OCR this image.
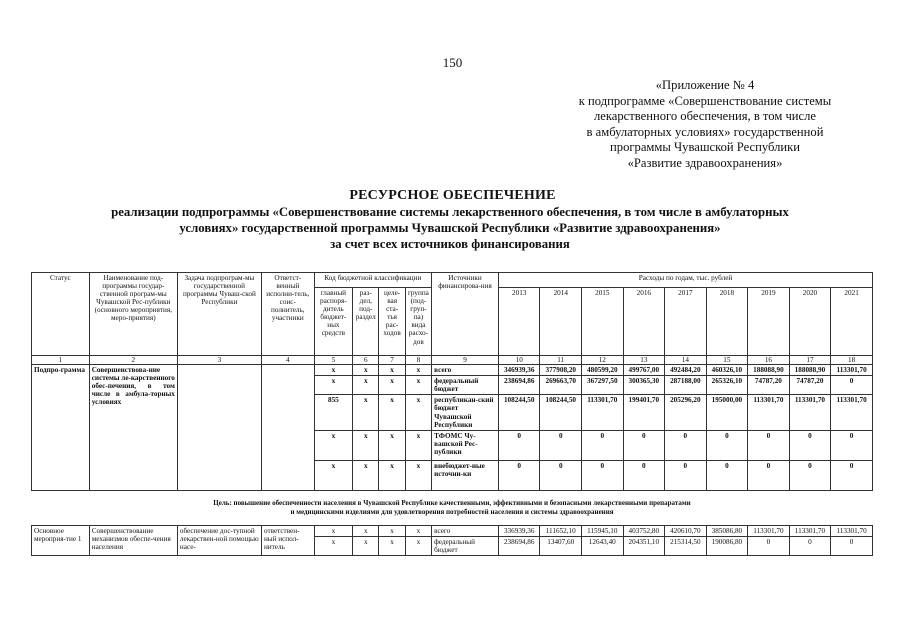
150
«Приложение № 4
к подпрограмме «Совершенствование системы
лекарственного обеспечения, в том числе
в амбулаторных условиях» государственной
программы Чувашской Республики
«Развитие здравоохранения»
РЕСУРСНОЕ ОБЕСПЕЧЕНИЕ
реализации подпрограммы «Совершенствование системы лекарственного обеспечения, в том числе в амбулаторных
условиях» государственной программы Чувашской Республики «Развитие здравоохранения»
за счет всех источников финансирования
Статус	Наименование под-программы государ-ственной програм-мы Чувашской Рес-публики (основного мероприятия, меро-приятия)	Задача подпрограм-мы государственной программы Чуваш-ской Республики	Ответст-венный исполни-тель, соис-полнитель, участники	Код бюджетной классификации				Источники финансирова-ния	Расходы по годам, тыс. рублей								
				главный распоря-дитель бюджет-ных средств	раз-дел, под-раздел	целе-вая ста-тья рас-ходов	группа (под-груп-па) вида расхо-дов		2013	2014	2015	2016	2017	2018	2019	2020	2021
1	2	3	4	5	6	7	8	9	10	11	12	13	14	15	16	17	18
Подпро-грамма	Совершенствова-ние системы ле-карственного обес-печения, в том числе в амбула-торных условиях			x	x	x	x	всего	346939,36	377908,20	480599,20	499767,00	492484,20	460326,10	188088,90	188088,90	113301,70
				x	x	x	x	федеральный бюджет	238694,86	269663,70	367297,50	300365,30	287188,00	265326,10	74787,20	74787,20	0
				855	x	x	x	республикан-ский бюджет Чувашской Республики	108244,50	108244,50	113301,70	199401,70	205296,20	195000,00	113301,70	113301,70	113301,70
				x	x	x	x	ТФОМС Чу-вашской Рес-публики	0	0	0	0	0	0	0	0	0
				x	x	x	x	внебюджет-ные источни-ки	0	0	0	0	0	0	0	0	0

Цель: повышение обеспеченности населения в Чувашской Республике качественными, эффективными и безопасными лекарственными препаратами
и медицинскими изделиями для удовлетворения потребностей населения и системы здравоохранения																	

Основное мероприя-тие 1	Совершенствование механизмов обеспе-чения населения	обеспечение дос-тупной лекарствен-ной помощью насе-	ответствен-ный испол-нитель	x	x	x	x	всего	336939,36	111652,10	115945,10	403752,80	420610,70	385086,80	113301,70	113301,70	113301,70
				x	x	x	x	федеральный бюджет	238694,86	13407,60	12643,40	204351,10	215314,50	190086,80	0	0	0
